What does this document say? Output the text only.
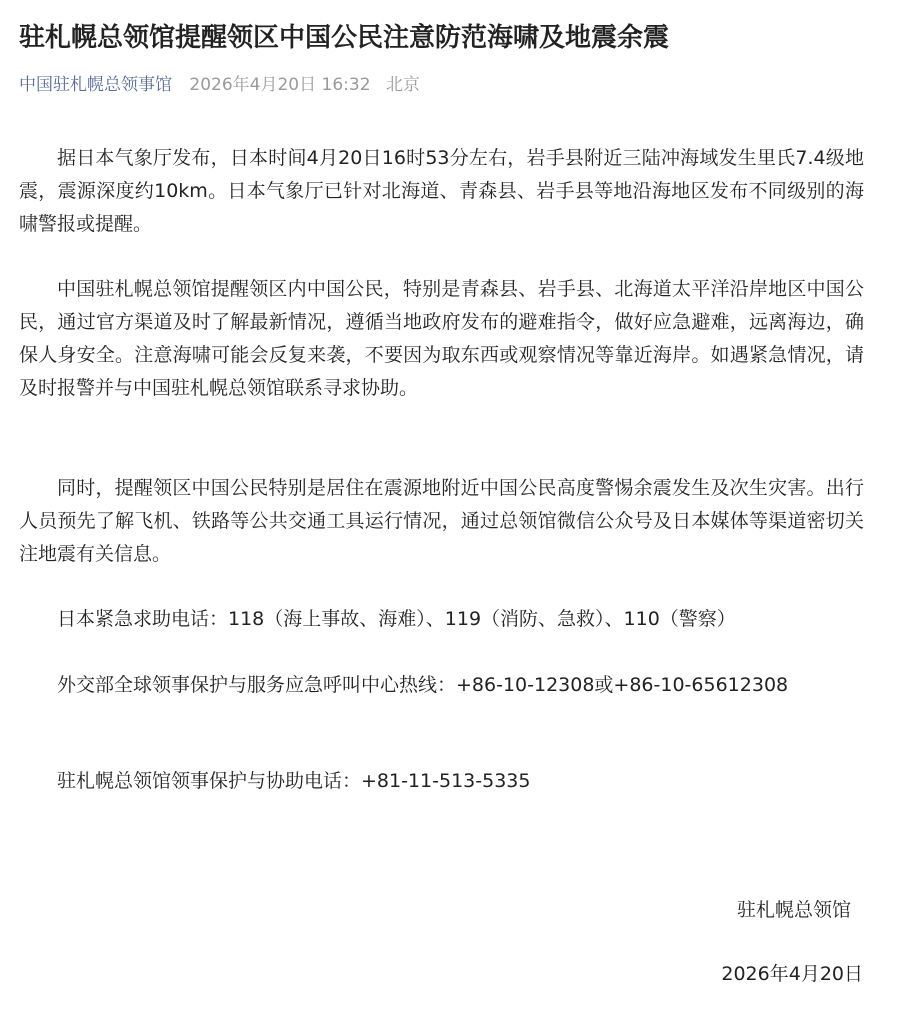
驻札幌总领馆提醒领区中国公民注意防范海啸及地震余震
中国驻札幌总领事馆 2026年4月20日 16:32 北京

据日本气象厅发布，日本时间4月20日16时53分左右，岩手县附近三陆冲海域发生里氏7.4级地震，震源深度约10km。日本气象厅已针对北海道、青森县、岩手县等地沿海地区发布不同级别的海啸警报或提醒。

中国驻札幌总领馆提醒领区内中国公民，特别是青森县、岩手县、北海道太平洋沿岸地区中国公民，通过官方渠道及时了解最新情况，遵循当地政府发布的避难指令，做好应急避难，远离海边，确保人身安全。注意海啸可能会反复来袭，不要因为取东西或观察情况等靠近海岸。如遇紧急情况，请及时报警并与中国驻札幌总领馆联系寻求协助。

同时，提醒领区中国公民特别是居住在震源地附近中国公民高度警惕余震发生及次生灾害。出行人员预先了解飞机、铁路等公共交通工具运行情况，通过总领馆微信公众号及日本媒体等渠道密切关注地震有关信息。

日本紧急求助电话：118（海上事故、海难）、119（消防、急救）、110（警察）

外交部全球领事保护与服务应急呼叫中心热线：+86-10-12308或+86-10-65612308

驻札幌总领馆领事保护与协助电话：+81-11-513-5335

驻札幌总领馆
2026年4月20日
